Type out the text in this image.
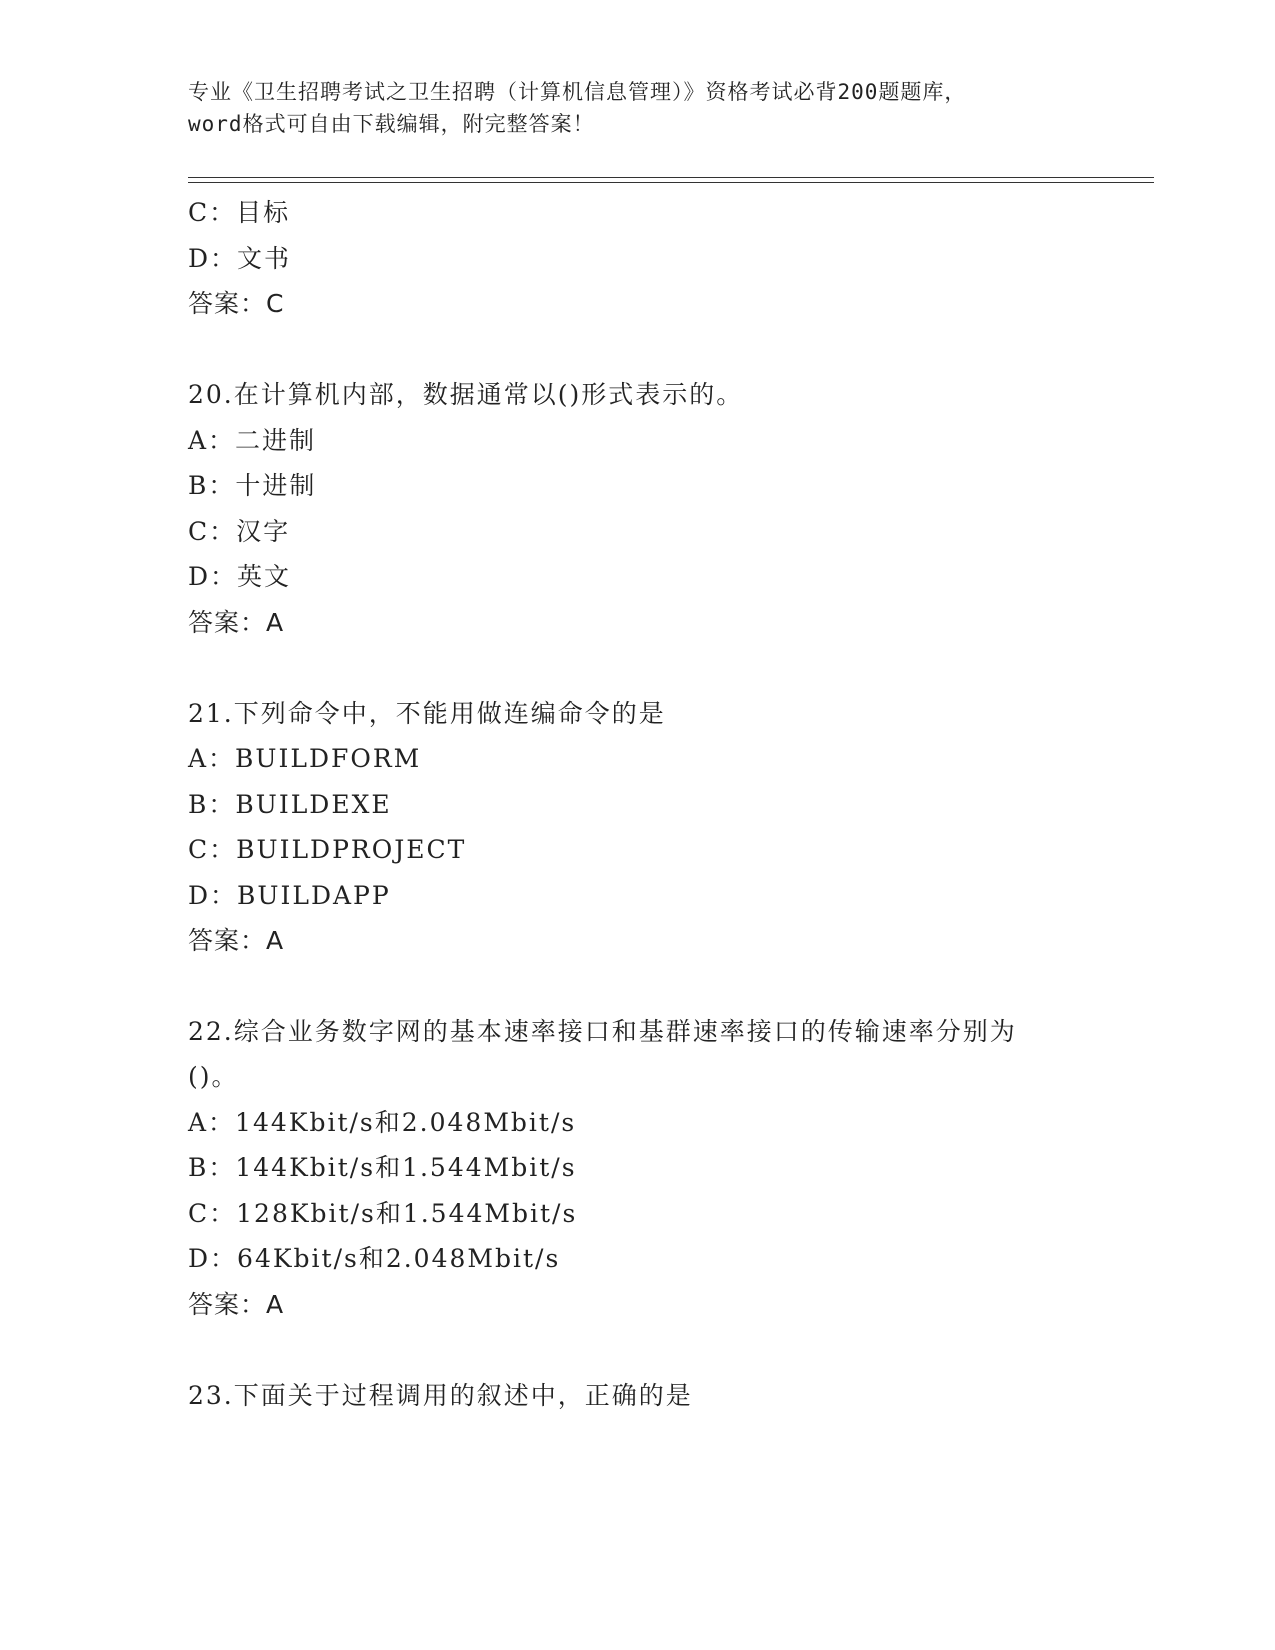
专业《卫生招聘考试之卫生招聘（计算机信息管理）》资格考试必背200题题库，

word格式可自由下载编辑，附完整答案！

C：目标
D：文书
答案：C
20.在计算机内部，数据通常以()形式表示的。
A：二进制
B：十进制
C：汉字
D：英文
答案：A
21.下列命令中，不能用做连编命令的是
A：BUILDFORM
B：BUILDEXE
C：BUILDPROJECT
D：BUILDAPP
答案：A
22.综合业务数字网的基本速率接口和基群速率接口的传输速率分别为
()。
A：144Kbit/s和2.048Mbit/s
B：144Kbit/s和1.544Mbit/s
C：128Kbit/s和1.544Mbit/s
D：64Kbit/s和2.048Mbit/s
答案：A
23.下面关于过程调用的叙述中，正确的是
